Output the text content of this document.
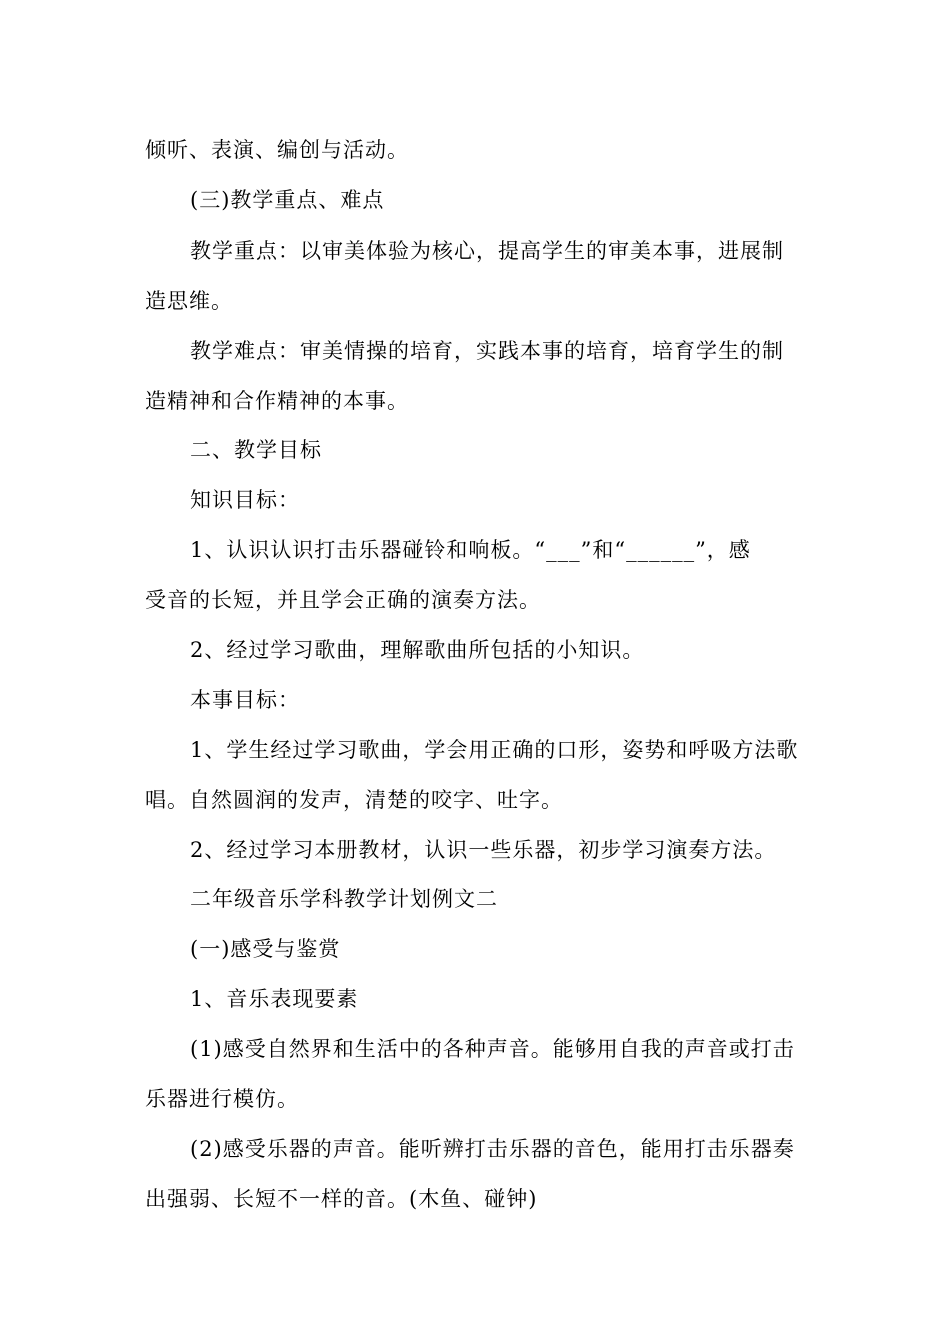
倾听、表演、编创与活动。
(三)教学重点、难点
教学重点：以审美体验为核心，提高学生的审美本事，进展制
造思维。
教学难点：审美情操的培育，实践本事的培育，培育学生的制
造精神和合作精神的本事。
二、教学目标
知识目标：
1、认识认识打击乐器碰铃和响板。“___”和“______”，感
受音的长短，并且学会正确的演奏方法。
2、经过学习歌曲，理解歌曲所包括的小知识。
本事目标：
1、学生经过学习歌曲，学会用正确的口形，姿势和呼吸方法歌
唱。自然圆润的发声，清楚的咬字、吐字。
2、经过学习本册教材，认识一些乐器，初步学习演奏方法。
二年级音乐学科教学计划例文二
(一)感受与鉴赏
1、音乐表现要素
(1)感受自然界和生活中的各种声音。能够用自我的声音或打击
乐器进行模仿。
(2)感受乐器的声音。能听辨打击乐器的音色，能用打击乐器奏
出强弱、长短不一样的音。(木鱼、碰钟)
